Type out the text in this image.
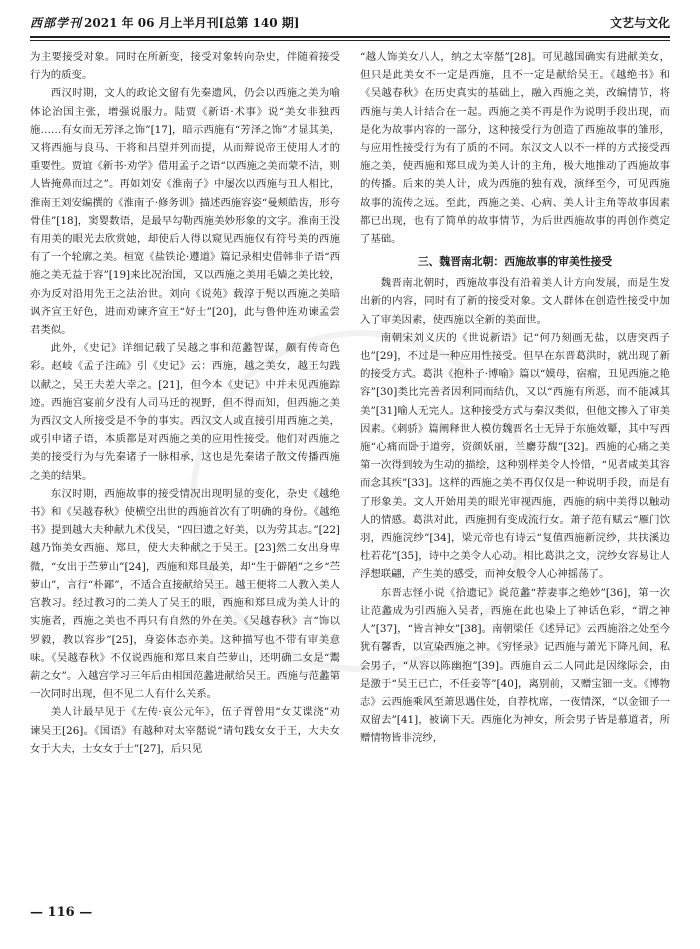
西部学刊 2021 年 06 月上半月刊[总第 140 期]	文艺与文化

为主要接受对象。同时在所新变，接受对象转向杂史，伴随着接受行为的质变。

西汉时期，文人的政论文留有先秦遗风，仍会以西施之美为喻体论治国主张，增强说服力。陆贾《新语·术事》说“美女非独西施……有女而无芳泽之饰”[17]，暗示西施有“芳泽之饰”才显其美，又将西施与良马、干将和吕望并列而提，从而辩说帝王使用人才的重要性。贾谊《新书·劝学》借用孟子之语“以西施之美而蒙不洁，则人皆掩鼻而过之”。再如刘安《淮南子》中屡次以西施与丑人相比，淮南王刘安编撰的《淮南子·修务训》描述西施容姿“曼颊皓齿，形夸骨佳”[18]，窦婴数语，是最早勾勒西施美妙形象的文字。淮南王没有用美的眼光去欣赏她，却使后人得以窥见西施仅有符号美的西施有了一个轮廓之美。桓宽《盐铁论·遵道》篇记录相史借韩非子语“西施之美无益于容”[19]来比况治国，又以西施之美用毛嫱之美比较，亦为反对沿用先王之法治世。刘向《说苑》载淳于髡以西施之美暗讽齐宣王好色，进而劝谏齐宣王“好士”[20]，此与鲁仲连劝谏孟尝君类似。

此外，《史记》详细记载了吴越之事和范蠡智谋，颇有传奇色彩。赵岐《孟子注疏》引《史记》云：西施，越之美女，越王勾践以献之，吴王夫差大幸之。[21]，但今本《史记》中并未见西施踪迹。西施宫宴前夕没有人司马迁的视野，但不得而知，但西施之美为西汉文人所接受是不争的事实。西汉文人或直接引用西施之美，或引申诸子语，本质都是对西施之美的应用性接受。他们对西施之美的接受行为与先秦诸子一脉相承，这也是先秦诸子散文传播西施之美的结果。

东汉时期，西施故事的接受情况出现明显的变化，杂史《越绝书》和《吴越春秋》使横空出世的西施首次有了明确的身份。《越绝书》提到越大夫种献九术伐吴，“四曰遗之好美，以为劳其志。”[22]越乃饰美女西施、郑旦，使大夫种献之于吴王。[23]然二女出身卑微，“女出于苎萝山”[24]，西施和郑旦最美，却“生于僻陋”之乡“苎萝山”，言行“朴鄙”，不适合直接献给吴王。越王便将二人教入美人宫教习。经过教习的二美人了吴王的眼，西施和郑旦成为美人计的实施者，西施之美也不再只有自然的外在美。《吴越春秋》言“饰以罗毅，教以容步”[25]，身姿体态亦美。这种描写也不带有审美意味。《吴越春秋》不仅说西施和郑旦来自苎萝山，还明确二女是“鬻薪之女”。入越宫学习三年后由相国范蠡进献给吴王。西施与范蠡第一次同时出现，但不见二人有什么关系。

美人计最早见于《左传·哀公元年》，伍子胥曾用“女艾谍浇”劝谏吴王[26]。《国语》有越种对太宰嚭说“请句践女女于王，大夫女女于大夫，士女女于士”[27]，后只见

“越人饰美女八人，纳之太宰嚭”[28]。可见越国确实有进献美女，但只是此美女不一定是西施，且不一定是献给吴王。《越绝书》和《吴越春秋》在历史真实的基础上，融入西施之美，改编情节，将西施与美人计结合在一起。西施之美不再是作为说明手段出现，而是化为故事内容的一部分，这种接受行为创造了西施故事的雏形，与应用性接受行为有了质的不同。东汉文人以不一样的方式接受西施之美，使西施和郑旦成为美人计的主角，极大地推动了西施故事的传播。后来的美人计，成为西施的独有戏，演绎至今，可见西施故事的流传之远。至此，西施之美、心病、美人计主角等故事因素都已出现，也有了简单的故事情节，为后世西施故事的再创作奠定了基础。

三、魏晋南北朝：西施故事的审美性接受

魏晋南北朝时，西施故事没有沿着美人计方向发展，而是生发出新的内容，同时有了新的接受对象。文人群体在创造性接受中加入了审美因素，使西施以全新的美面世。

南朝宋刘义庆的《世说新语》记“何乃刻画无盐，以唐突西子也”[29]，不过是一种应用性接受。但早在东晋葛洪时，就出现了新的接受方式。葛洪《抱朴子·博喻》篇以“嫫母，宿瘤，丑见西施之艳容”[30]类比完善者因利同而结仇，又以“西施有所恶，而不能减其美”[31]喻人无完人。这种接受方式与秦汉类似，但他文掺入了审美因素。《刺骄》篇阐释世人模仿魏晋名士无异于东施效颦，其中写西施“心痛而卧于道旁，资颜妖丽，兰麝芬馥”[32]。西施的心痛之美第一次得到较为生动的描绘，这种别样美令人怜惜，“见者咸美其容而念其疾”[33]。这样的西施之美不再仅仅是一种说明手段，而是有了形象美。文人开始用美的眼光审视西施，西施的病中美得以触动人的情感。葛洪对此，西施拥有变成流行女。萧子范有赋云“雁门饮羽，西施浣纱”[34]，梁元帝也有诗云“复值西施新浣纱，共扶溪边杜若花”[35]，诗中之美令人心动。相比葛洪之文，浣纱女容易让人浮想联翩，产生美的感受，而神女般令人心神摇荡了。

东晋志怪小说《拾遗记》说范蠡“荐妻事之绝妙”[36]，第一次让范蠡成为引西施入吴者，西施在此也染上了神话色彩，“谓之神人”[37]，“皆言神女”[38]。南朝梁任《述异记》云西施浴之处至今犹有馨香，以宣染西施之神。《穷怪录》记西施与萧光下降凡间，私会男子，“从容以陈幽抱”[39]。西施自云二人同此是因缘际会，由是激于“吴王已亡，不任妾等”[40]，离别前，又赠宝钿一支。《博物志》云西施乘风至萧思遇住处，自荐枕席，一夜情深，“以金钿子一双留去”[41]，被谪下天。西施化为神女，所会男子皆是慕道者，所赠情物皆非浣纱，

— 116 —
